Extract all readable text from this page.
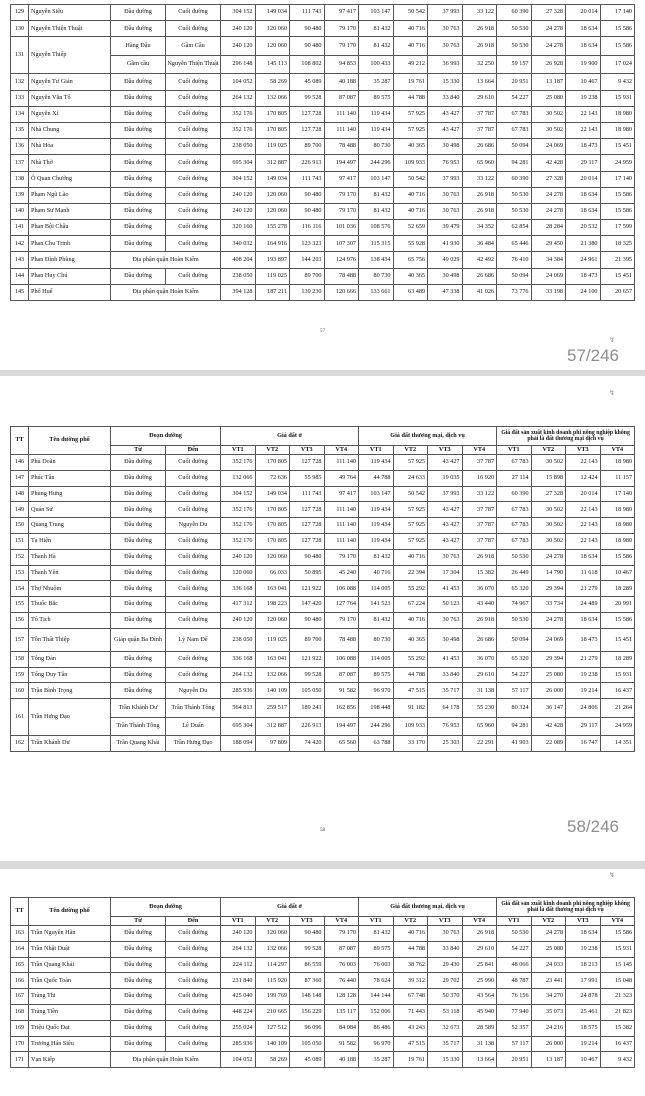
129	Nguyễn Siêu	Đầu đường	Cuối đường	304 152	149 034	111 743	97 417	103 147	50 542	37 993	33 122	60 390	27 328	20 014	17 140
130	Nguyễn Thiện Thuật	Đầu đường	Cuối đường	240 120	120 060	90 480	79 170	81 432	40 716	30 763	26 918	50 530	24 278	18 634	15 586
131	Nguyễn Thiếp	Hàng Đậu	Gầm Cầu	240 120	120 060	90 480	79 170	81 432	40 716	30 763	26 918	50 530	24 278	18 634	15 586
		Gầm cầu	Nguyễn Thiện Thuật	296 148	145 113	108 802	94 853	100 433	49 212	36 993	32 250	59 157	26 928	19 900	17 024
132	Nguyễn Tư Giản	Đầu đường	Cuối đường	104 052	58 269	45 089	40 188	35 287	19 761	15 330	13 664	20 951	13 187	10 467	9 432
133	Nguyễn Văn Tố	Đầu đường	Cuối đường	264 132	132 066	99 528	87 087	89 575	44 788	33 840	29 610	54 227	25 080	19 238	15 931
134	Nguyễn Xí	Đầu đường	Cuối đường	352 176	170 805	127 728	111 140	119 434	57 925	43 427	37 787	67 783	30 502	22 143	18 980
135	Nhà Chung	Đầu đường	Cuối đường	352 176	170 805	127 728	111 140	119 434	57 925	43 427	37 787	67 783	30 502	22 143	18 980
136	Nhà Hỏa	Đầu đường	Cuối đường	238 050	119 025	89 700	78 488	80 730	40 365	30 498	26 686	50 094	24 069	18 473	15 451
137	Nhà Thờ	Đầu đường	Cuối đường	695 304	312 887	226 913	194 497	244 296	109 933	76 953	65 960	94 281	42 428	29 117	24 959
138	Ô Quan Chưởng	Đầu đường	Cuối đường	304 152	149 034	111 743	97 417	103 147	50 542	37 993	33 122	60 390	27 328	20 014	17 140
139	Phạm Ngũ Lão	Đầu đường	Cuối đường	240 120	120 060	90 480	79 170	81 432	40 716	30 763	26 918	50 530	24 278	18 634	15 586
140	Phạm Sư Mạnh	Đầu đường	Cuối đường	240 120	120 060	90 480	79 170	81 432	40 716	30 763	26 918	50 530	24 278	18 634	15 586
141	Phan Bội Châu	Đầu đường	Cuối đường	320 160	155 278	116 116	101 036	108 576	52 659	39 479	34 352	62 854	28 284	20 532	17 599
142	Phan Chu Trinh	Đầu đường	Cuối đường	340 032	164 916	123 323	107 307	115 315	55 928	41 930	36 484	65 446	29 450	21 380	18 325
143	Phan Đình Phùng	Địa phận quận Hoàn Kiếm		408 204	193 897	144 203	124 976	138 434	65 756	49 029	42 492	76 410	34 384	24 961	21 395
144	Phan Huy Chú	Đầu đường	Cuối đường	238 050	119 025	89 700	78 488	80 730	40 365	30 498	26 686	50 094	24 069	18 473	15 451
145	Phố Huế	Địa phận quận Hoàn Kiếm		394 128	187 211	139 230	120 666	133 661	63 489	47 338	41 026	73 776	33 198	24 100	20 657
57
↯
57/246
TT	Tên đường phố	Đoạn đường		Giá đất ở				Giá đất thương mại, dịch vụ				Giá đất sản xuất kinh doanh phi nông nghiệp không phải là đất thương mại dịch vụ			
		Từ	Đến	VT1	VT2	VT3	VT4	VT1	VT2	VT3	VT4	VT1	VT2	VT3	VT4
146	Phủ Doãn	Đầu đường	Cuối đường	352 176	170 805	127 728	111 140	119 434	57 925	43 427	37 787	67 783	30 502	22 143	18 980
147	Phúc Tân	Đầu đường	Cuối đường	132 066	72 636	55 985	49 764	44 788	24 633	19 035	16 920	27 114	15 898	12 424	11 157
148	Phùng Hưng	Đầu đường	Cuối đường	304 152	149 034	111 743	97 417	103 147	50 542	37 993	33 122	60 390	27 328	20 014	17 140
149	Quán Sứ	Đầu đường	Cuối đường	352 176	170 805	127 728	111 140	119 434	57 925	43 427	37 787	67 783	30 502	22 143	18 980
150	Quang Trung	Đầu đường	Nguyễn Du	352 176	170 805	127 728	111 140	119 434	57 925	43 427	37 787	67 783	30 502	22 143	18 980
151	Tạ Hiện	Đầu đường	Cuối đường	352 176	170 805	127 728	111 140	119 434	57 925	43 427	37 787	67 783	30 502	22 143	18 980
152	Thanh Hà	Đầu đường	Cuối đường	240 120	120 060	90 480	79 170	81 432	40 716	30 763	26 918	50 530	24 278	18 634	15 586
153	Thanh Yên	Đầu đường	Cuối đường	120 060	66 033	50 895	45 240	40 716	22 394	17 304	15 382	26 449	14 790	11 618	10 467
154	Thợ Nhuộm	Đầu đường	Cuối đường	336 168	163 041	121 922	106 088	114 005	55 292	41 453	36 070	65 320	29 394	21 279	18 289
155	Thuốc Bắc	Đầu đường	Cuối đường	417 312	198 223	147 420	127 764	141 523	67 224	50 123	43 440	74 967	33 734	24 489	20 991
156	Tô Tịch	Đầu đường	Cuối đường	240 120	120 060	90 480	79 170	81 432	40 716	30 763	26 918	50 530	24 278	18 634	15 586
157	Tôn Thất Thiệp	Giáp quận Ba Đình	Lý Nam Đế	238 050	119 025	89 700	78 488	80 730	40 365	30 498	26 686	50 094	24 069	18 473	15 451
158	Tông Đản	Đầu đường	Cuối đường	336 168	163 041	121 922	106 088	114 005	55 292	41 453	36 070	65 320	29 394	21 279	18 289
159	Tống Duy Tân	Đầu đường	Cuối đường	264 132	132 066	99 528	87 087	89 575	44 788	33 840	29 610	54 227	25 080	19 238	15 931
160	Trần Bình Trọng	Đầu đường	Nguyễn Du	285 936	140 109	105 050	91 582	96 970	47 515	35 717	31 138	57 117	26 000	19 214	16 437
161	Trần Hưng Đạo	Trần Khánh Dư	Trần Thánh Tông	564 813	259 517	189 243	162 856	198 448	91 182	64 178	55 230	80 324	36 147	24 806	21 264
		Trần Thánh Tông	Lê Duẩn	695 304	312 887	226 913	194 497	244 296	109 933	76 953	65 960	94 281	42 428	29 117	24 959
162	Trần Khánh Dư	Trần Quang Khải	Trần Hưng Đạo	188 094	97 809	74 420	65 560	63 788	33 170	25 303	22 291	41 903	22 089	16 747	14 351
58
↯
58/246
TT	Tên đường phố	Đoạn đường		Giá đất ở				Giá đất thương mại, dịch vụ				Giá đất sản xuất kinh doanh phi nông nghiệp không phải là đất thương mại dịch vụ			
		Từ	Đến	VT1	VT2	VT3	VT4	VT1	VT2	VT3	VT4	VT1	VT2	VT3	VT4
163	Trần Nguyên Hãn	Đầu đường	Cuối đường	240 120	120 060	90 480	79 170	81 432	40 716	30 763	26 918	50 530	24 278	18 634	15 586
164	Trần Nhật Duật	Đầu đường	Cuối đường	264 132	132 066	99 528	87 087	89 575	44 788	33 840	29 610	54 227	25 080	19 238	15 931
165	Trần Quang Khải	Đầu đường	Cuối đường	224 112	114 297	86 559	76 003	76 003	38 762	29 430	25 841	48 066	24 033	18 213	15 145
166	Trần Quốc Toản	Đầu đường	Cuối đường	231 840	115 920	87 360	76 440	78 624	39 312	29 702	25 990	48 787	23 441	17 991	15 048
167	Tràng Thi	Đầu đường	Cuối đường	425 040	199 769	148 148	128 128	144 144	67 748	50 370	43 564	76 156	34 270	24 878	21 323
168	Tràng Tiền	Đầu đường	Cuối đường	448 224	210 665	156 229	135 117	152 006	71 443	53 118	45 940	77 940	35 073	25 461	21 823
169	Triệu Quốc Đạt	Đầu đường	Cuối đường	255 024	127 512	96 096	84 084	86 486	43 243	32 673	28 589	52 357	24 216	18 575	15 382
170	Trương Hán Siêu	Đầu đường	Cuối đường	285 936	140 109	105 050	91 582	96 970	47 515	35 717	31 138	57 117	26 000	19 214	16 437
171	Vạn Kiếp	Địa phận quận Hoàn Kiếm		104 052	58 269	45 089	40 188	35 287	19 761	15 330	13 664	20 951	13 187	10 467	9 432
↯
